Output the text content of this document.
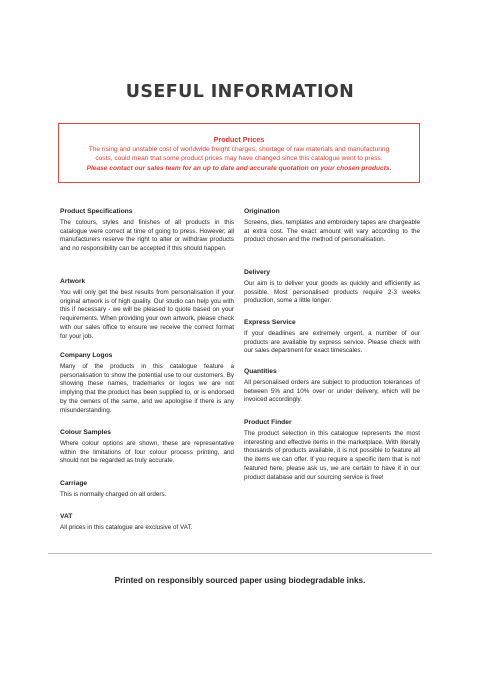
USEFUL INFORMATION
Product Prices
The rising and unstable cost of worldwide freight charges, shortage of raw materials and manufacturing
costs, could mean that some product prices may have changed since this catalogue went to press.
Please contact our sales team for an up to date and accurate quotation on your chosen products.

Product Specifications

The colours, styles and finishes of all products in this catalogue were correct at time of going to press. However, all manufacturers reserve the right to alter or withdraw products and no responsibility can be accepted if this should happen.

Artwork

You will only get the best results from personalisation if your original artwork is of high quality. Our studio can help you with this if necessary - we will be pleased to quote based on your requirements. When providing your own artwork, please check with our sales office to ensure we receive the correct format for your job.

Company Logos

Many of the products in this catalogue feature a personalisation to show the potential use to our customers. By showing these names, trademarks or logos we are not implying that the product has been supplied to, or is endorsed by the owners of the same, and we apologise if there is any misunderstanding.

Colour Samples

Where colour options are shown, these are representative within the limitations of four colour process printing, and should not be regarded as truly accurate.

Carriage

This is normally charged on all orders.

VAT

All prices in this catalogue are exclusive of VAT.

Origination

Screens, dies, templates and embroidery tapes are chargeable at extra cost. The exact amount will vary according to the product chosen and the method of personalisation.

Delivery

Our aim is to deliver your goods as quickly and efficiently as possible. Most personalised products require 2-3 weeks production, some a little longer.

Express Service

If your deadlines are extremely urgent, a number of our products are available by express service. Please check with our sales department for exact timescales.

Quantities

All personalised orders are subject to production tolerances of between 5% and 10% over or under delivery, which will be invoiced accordingly.

Product Finder

The product selection in this catalogue represents the most interesting and effective items in the marketplace. With literally thousands of products available, it is not possible to feature all the items we can offer. If you require a specific item that is not featured here, please ask us, we are certain to have it in our product database and our sourcing service is free!

Printed on responsibly sourced paper using biodegradable inks.
